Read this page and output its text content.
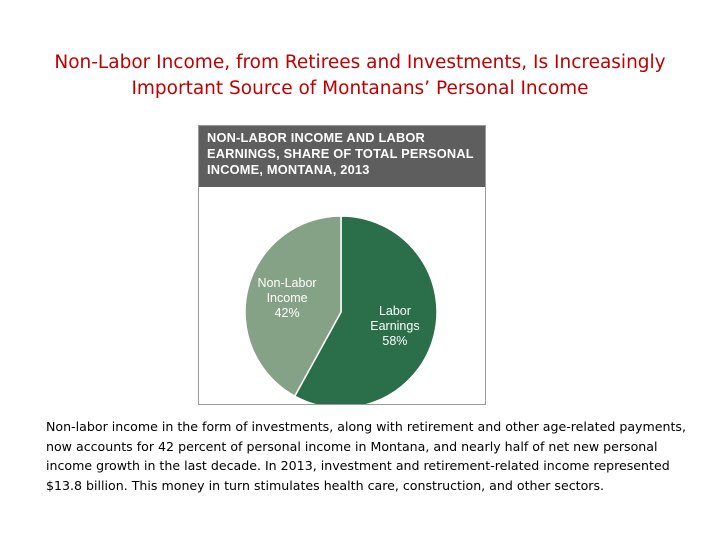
Non-Labor Income, from Retirees and Investments, Is Increasingly Important Source of Montanans’ Personal Income
NON-LABOR INCOME AND LABOR EARNINGS, SHARE OF TOTAL PERSONAL INCOME, MONTANA, 2013
Labor
Earnings
58%
Non-Labor
Income
42%
Non-labor income in the form of investments, along with retirement and other age-related payments, now accounts for 42 percent of personal income in Montana, and nearly half of net new personal income growth in the last decade. In 2013, investment and retirement-related income represented $13.8 billion. This money in turn stimulates health care, construction, and other sectors.
